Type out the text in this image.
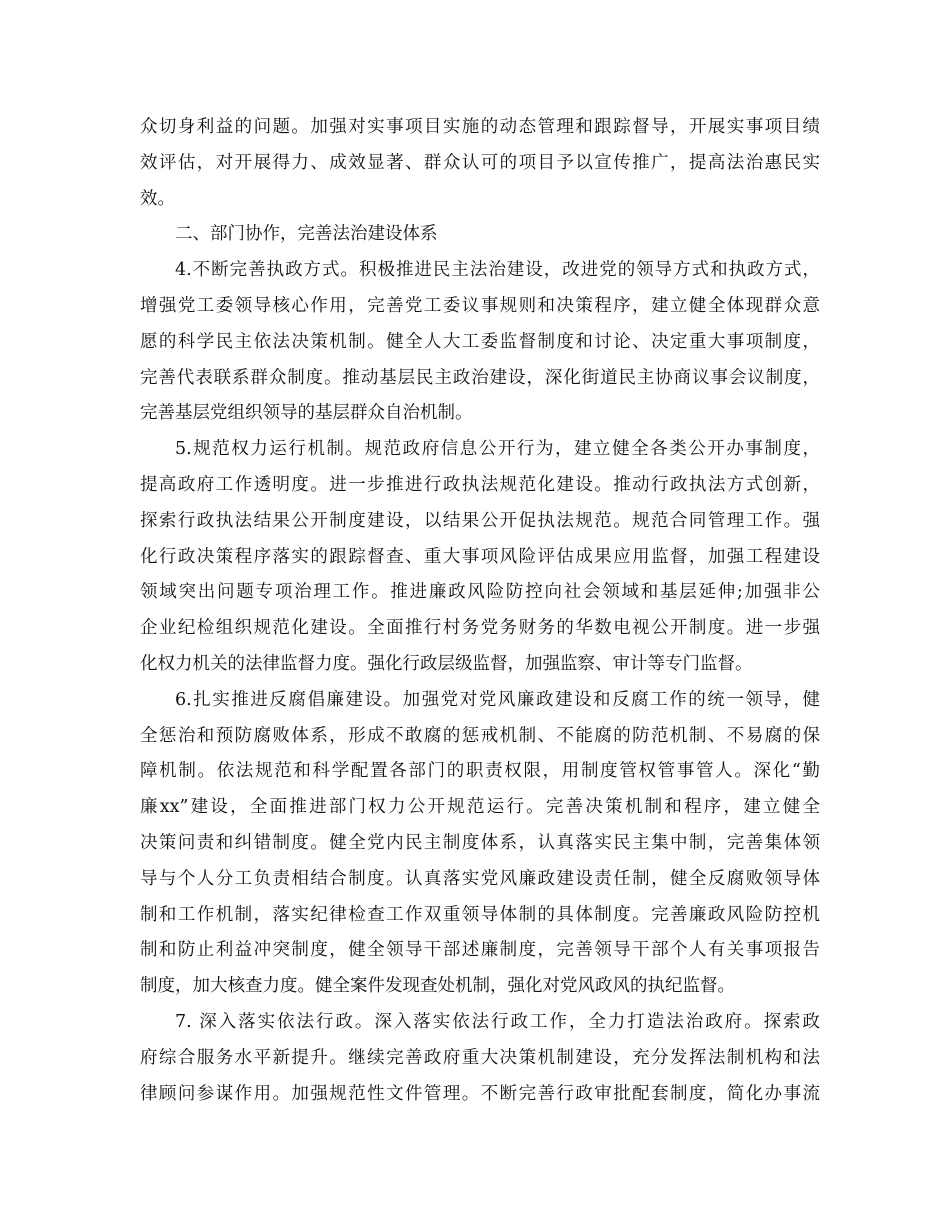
众切身利益的问题。加强对实事项目实施的动态管理和跟踪督导，开展实事项目绩
效评估，对开展得力、成效显著、群众认可的项目予以宣传推广，提高法治惠民实
效。
二、部门协作，完善法治建设体系
4.不断完善执政方式。积极推进民主法治建设，改进党的领导方式和执政方式，
增强党工委领导核心作用，完善党工委议事规则和决策程序，建立健全体现群众意
愿的科学民主依法决策机制。健全人大工委监督制度和讨论、决定重大事项制度，
完善代表联系群众制度。推动基层民主政治建设，深化街道民主协商议事会议制度，
完善基层党组织领导的基层群众自治机制。
5.规范权力运行机制。规范政府信息公开行为，建立健全各类公开办事制度，
提高政府工作透明度。进一步推进行政执法规范化建设。推动行政执法方式创新，
探索行政执法结果公开制度建设，以结果公开促执法规范。规范合同管理工作。强
化行政决策程序落实的跟踪督查、重大事项风险评估成果应用监督，加强工程建设
领域突出问题专项治理工作。推进廉政风险防控向社会领域和基层延伸;加强非公
企业纪检组织规范化建设。全面推行村务党务财务的华数电视公开制度。进一步强
化权力机关的法律监督力度。强化行政层级监督，加强监察、审计等专门监督。
6.扎实推进反腐倡廉建设。加强党对党风廉政建设和反腐工作的统一领导，健
全惩治和预防腐败体系，形成不敢腐的惩戒机制、不能腐的防范机制、不易腐的保
障机制。依法规范和科学配置各部门的职责权限，用制度管权管事管人。深化“勤
廉xx”建设，全面推进部门权力公开规范运行。完善决策机制和程序，建立健全
决策问责和纠错制度。健全党内民主制度体系，认真落实民主集中制，完善集体领
导与个人分工负责相结合制度。认真落实党风廉政建设责任制，健全反腐败领导体
制和工作机制，落实纪律检查工作双重领导体制的具体制度。完善廉政风险防控机
制和防止利益冲突制度，健全领导干部述廉制度，完善领导干部个人有关事项报告
制度，加大核查力度。健全案件发现查处机制，强化对党风政风的执纪监督。
7. 深入落实依法行政。深入落实依法行政工作，全力打造法治政府。探索政
府综合服务水平新提升。继续完善政府重大决策机制建设，充分发挥法制机构和法
律顾问参谋作用。加强规范性文件管理。不断完善行政审批配套制度，简化办事流
